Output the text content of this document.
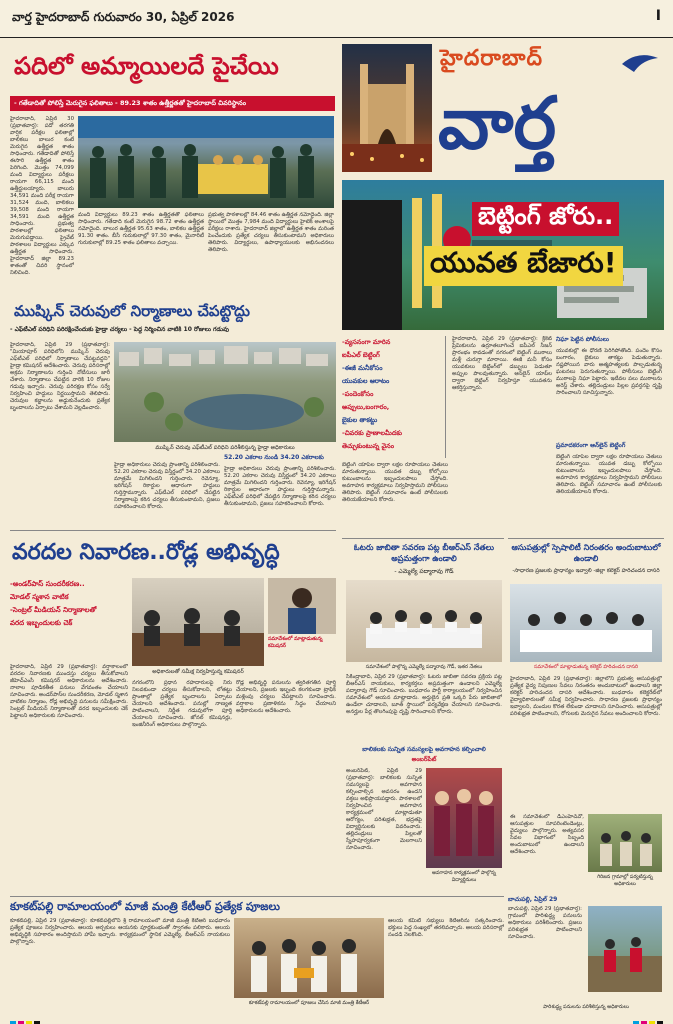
వార్త హైదరాబాద్ గురువారం 30, ఏప్రిల్ 2026	I
పదిలో అమ్మాయిలదే పైచేయి
- గతేడాదితో పోలిస్తే మెరుగైన ఫలితాలు - 89.23 శాతం ఉత్తీర్ణతతో హైదరాబాద్ చివరిస్థానం
హైదరాబాద్, ఏప్రిల్ 30 (ప్రభాతవార్త): పదో తరగతి వార్షిక పరీక్షల ఫలితాల్లో బాలికలు బాలుర కంటే మెరుగైన ఉత్తీర్ణత శాతం సాధించారు. గతేడాదితో పోలిస్తే ఈసారి ఉత్తీర్ణత శాతం పెరిగింది. మొత్తం 74,099 మంది విద్యార్థులు పరీక్షలు రాయగా 66,115 మంది ఉత్తీర్ణులయ్యారు. బాలురు 34,591 మంది పరీక్ష రాయగా 31,524 మంది, బాలికలు 39,508 మంది రాయగా 34,591 మంది ఉత్తీర్ణత సాధించారు. ప్రభుత్వ పాఠశాలల్లో ఫలితాలు మెరుగుపడ్డాయి. ప్రైవేట్ పాఠశాలల విద్యార్థులు ఎక్కువ ఉత్తీర్ణత సాధించారు. హైదరాబాద్ జిల్లా 89.23 శాతంతో చివరి స్థానంలో నిలిచింది.
మంది విద్యార్థులు 89.23 శాతం ఉత్తీర్ణతతో ఫలితాలు సాధించారు. గతేడాది కంటే మెరుగైన 98.72 శాతం ఉత్తీర్ణత నమోదైంది. బాలుర ఉత్తీర్ణత 95.63 శాతం, బాలికల ఉత్తీర్ణత 91.30 శాతం. బీసీ గురుకులాల్లో 97.30 శాతం, మైనారిటీ గురుకులాల్లో 89.25 శాతం ఫలితాలు వచ్చాయి.
ప్రభుత్వ పాఠశాలల్లో 84.46 శాతం ఉత్తీర్ణత నమోదైంది. జిల్లా స్థాయిలో మొత్తం 7,984 మంది విద్యార్థులు హైటెక్ అంశాలపై పరీక్షలు రాశారు. హైదరాబాద్ జిల్లాలో ఉత్తీర్ణత శాతం మరింత పెంచేందుకు ప్రత్యేక చర్యలు తీసుకుంటామని అధికారులు తెలిపారు. విద్యార్థులు, ఉపాధ్యాయులకు అభినందనలు తెలిపారు.
హైదరాబాద్
వార్త
ముష్కిన్ చెరువులో నిర్మాణాలు చేపట్టొద్దు
- ఎఫ్‌టీఎల్ పరిధిని పరిరక్షించేందుకు హైడ్రా చర్యలు - పెద్ద నిర్మించిన వాటికి 10 రోజులు గడువు
హైదరాబాద్, ఏప్రిల్ 29 (ప్రభాతవార్త): "మియాపూర్ పరిధిలోని ముష్కిన్ చెరువు ఎఫ్‌టీఎల్ పరిధిలో నిర్మాణాలు చేపట్టవద్దని" హైడ్రా కమిషనర్ ఆదేశించారు. చెరువు పరిసరాల్లో అక్రమ నిర్మాణాలను గుర్తించి నోటీసులు జారీ చేశారు. నిర్మాణాలు చేపట్టిన వారికి 10 రోజుల గడువు ఇచ్చారు. చెరువు పరిరక్షణ కోసం సర్వే నిర్వహించి హద్దులు నిర్ణయిస్తామని తెలిపారు. చెరువుల కబ్జాలను అడ్డుకునేందుకు ప్రత్యేక బృందాలను ఏర్పాటు చేశామని వెల్లడించారు.
ముష్కిన్ చెరువు ఎఫ్‌టీఎల్ పరిధిని పరిశీలిస్తున్న హైడ్రా అధికారులు
హైడ్రా అధికారులు చెరువు ప్రాంతాన్ని పరిశీలించారు. 52.20 ఎకరాల చెరువు విస్తీర్ణంలో 34.20 ఎకరాలు మాత్రమే మిగిలిందని గుర్తించారు. రెవెన్యూ, ఇరిగేషన్ రికార్డుల ఆధారంగా హద్దులు గుర్తిస్తామన్నారు. ఎఫ్‌టీఎల్ పరిధిలో చేపట్టిన నిర్మాణాలపై కఠిన చర్యలు తీసుకుంటామని, ప్రజలు సహకరించాలని కోరారు.
52.20 ఎకరాల నుండి 34.20 ఎకరాలకు
హైడ్రా అధికారులు చెరువు ప్రాంతాన్ని పరిశీలించారు. 52.20 ఎకరాల చెరువు విస్తీర్ణంలో 34.20 ఎకరాలు మాత్రమే మిగిలిందని గుర్తించారు. రెవెన్యూ, ఇరిగేషన్ రికార్డుల ఆధారంగా హద్దులు గుర్తిస్తామన్నారు. ఎఫ్‌టీఎల్ పరిధిలో చేపట్టిన నిర్మాణాలపై కఠిన చర్యలు తీసుకుంటామని, ప్రజలు సహకరించాలని కోరారు.
బెట్టింగ్ జోరు..
యువత బేజారు!
-వ్యసనంగా మారిన
ఐపీఎల్ బెట్టింగ్
-ఈజీ మనీకోసం
యువకుల ఆరాటం
-పందెంకోసం
అప్పులు,బంగారం,
బైకుల తాకట్టు
-చివరకు ప్రాణాలమీదకు
తెచ్చుకుంటున్న వైనం
హైదరాబాద్, ఏప్రిల్ 29 (ప్రభాతవార్త): క్రికెట్ ప్రేమికులను ఉర్రూతలూగించే ఐపీఎల్ సీజన్ ప్రారంభం కావడంతో నగరంలో బెట్టింగ్ ముఠాలు మళ్లీ చురుగ్గా మారాయి. ఈజీ మనీ కోసం యువకులు బెట్టింగ్‌లో డబ్బులు పెడుతూ అప్పుల పాలవుతున్నారు. ఆన్‌లైన్ యాప్‌ల ద్వారా బెట్టింగ్ నిర్వహిస్తూ యువతను ఆకర్షిస్తున్నారు.
నిఘా పెట్టిన పోలీసులు
యువకుల్లో ఈ ధోరణి పెరిగిపోతోంది. పందెం కోసం బంగారం, బైకులు తాకట్టు పెడుతున్నారు. నష్టపోయిన వారు ఆత్మహత్యలకు పాల్పడుతున్న ఘటనలు పెరుగుతున్నాయి. పోలీసులు బెట్టింగ్ ముఠాలపై నిఘా పెట్టారు. ఇటీవల పలు ముఠాలను అరెస్ట్ చేశారు. తల్లిదండ్రులు పిల్లల ప్రవర్తనపై దృష్టి సారించాలని సూచిస్తున్నారు.
ప్రమాదకరంగా ఆన్‌లైన్ బెట్టింగ్
బెట్టింగ్ యాప్‌ల ద్వారా లక్షల రూపాయలు చేతులు మారుతున్నాయి. యువత డబ్బు కోల్పోయి కుటుంబాలను ఇబ్బందులపాలు చేస్తోంది. అవగాహన కార్యక్రమాలు నిర్వహిస్తామని పోలీసులు తెలిపారు. బెట్టింగ్ సమాచారం ఉంటే పోలీసులకు తెలియజేయాలని కోరారు.
బెట్టింగ్ యాప్‌ల ద్వారా లక్షల రూపాయలు చేతులు మారుతున్నాయి. యువత డబ్బు కోల్పోయి కుటుంబాలను ఇబ్బందులపాలు చేస్తోంది. అవగాహన కార్యక్రమాలు నిర్వహిస్తామని పోలీసులు తెలిపారు. బెట్టింగ్ సమాచారం ఉంటే పోలీసులకు తెలియజేయాలని కోరారు.
వరదల నివారణ..రోడ్ల అభివృద్ధి
-అండర్‌పాస్ సుందరీకరణ..
మోడల్ స్మశాన వాటిక
-సెంట్రల్ మీడియన్ నిర్మాణాలతో
వరద ఇబ్బందులకు చెక్
సమావేశంలో మాట్లాడుతున్న కమిషనర్
అధికారులతో సమీక్ష నిర్వహిస్తున్న కమిషనర్
హైదరాబాద్, ఏప్రిల్ 29 (ప్రభాతవార్త): వర్షాకాలంలో వరదల నివారణకు ముందస్తు చర్యలు తీసుకోవాలని జీహెచ్ఎంసీ కమిషనర్ అధికారులను ఆదేశించారు. నాలాల పూడికతీత పనులు వేగవంతం చేయాలని సూచించారు. అండర్‌పాస్‌ల సుందరీకరణ, మోడల్ స్మశాన వాటికల నిర్మాణం, రోడ్ల అభివృద్ధి పనులను సమీక్షించారు. సెంట్రల్ మీడియన్ నిర్మాణాలతో వరద ఇబ్బందులకు చెక్ పెట్టాలని అధికారులకు సూచించారు.
నగరంలోని ప్రధాన రహదారులపై నీరు నిలవకుండా చర్యలు తీసుకోవాలని, లోతట్టు ప్రాంతాల్లో ప్రత్యేక బృందాలను ఏర్పాటు చేయాలని ఆదేశించారు. పనుల్లో నాణ్యత పాటించాలని, నిర్ణీత గడువులోగా పూర్తి చేయాలని సూచించారు. జోనల్ కమిషనర్లు, ఇంజినీరింగ్ అధికారులు పాల్గొన్నారు.
రోడ్ల అభివృద్ధి పనులను త్వరితగతిన పూర్తి చేయాలని, ప్రజలకు ఇబ్బంది కలగకుండా ట్రాఫిక్ మళ్లింపు చర్యలు చేపట్టాలని సూచించారు. వర్షాకాల ప్రణాళికను సిద్ధం చేయాలని అధికారులను ఆదేశించారు.
ఓటరు జాబితా సవరణ పట్ల బీఆర్ఎస్ నేతలు అప్రమత్తంగా ఉండాలి
- ఎమ్మెల్యే పద్మారావు గౌడ్
సమావేశంలో పాల్గొన్న ఎమ్మెల్యే పద్మారావు గౌడ్, ఇతర నేతలు
సికింద్రాబాద్, ఏప్రిల్ 29 (ప్రభాతవార్త): ఓటరు జాబితా సవరణ ప్రక్రియ పట్ల బీఆర్ఎస్ నాయకులు, కార్యకర్తలు అప్రమత్తంగా ఉండాలని ఎమ్మెల్యే పద్మారావు గౌడ్ సూచించారు. బుధవారం పార్టీ కార్యాలయంలో నిర్వహించిన సమావేశంలో ఆయన మాట్లాడారు. అర్హులైన ప్రతి ఒక్కరి పేరు జాబితాలో ఉండేలా చూడాలని, బూత్ స్థాయిలో పర్యవేక్షణ చేయాలని సూచించారు. అనర్హుల పేర్ల తొలగింపుపై దృష్టి సారించాలని కోరారు.
బాలికలకు సున్నిత సమస్యలపై అవగాహన కల్పించాలి
అంబర్‌పేట్
అంబర్‌పేట్, ఏప్రిల్ 29 (ప్రభాతవార్త): బాలికలకు సున్నిత సమస్యలపై అవగాహన కల్పించాల్సిన అవసరం ఉందని వక్తలు అభిప్రాయపడ్డారు. పాఠశాలలో నిర్వహించిన అవగాహన కార్యక్రమంలో మాట్లాడుతూ ఆరోగ్యం, పరిశుభ్రత, భద్రతపై విద్యార్థినులకు వివరించారు. తల్లిదండ్రులు పిల్లలతో స్నేహపూర్వకంగా మెలగాలని సూచించారు.
అవగాహన కార్యక్రమంలో పాల్గొన్న విద్యార్థినులు
ఆసుపత్రుల్లో స్పెషాలిటీ నిరంతరం అందుబాటులో ఉండాలి
-సాధారణ ప్రజలకు ప్రాధాన్యం ఇవ్వాలి -జిల్లా కలెక్టర్ హరిచందన దాసరి
సమావేశంలో మాట్లాడుతున్న కలెక్టర్ హరిచందన దాసరి
హైదరాబాద్, ఏప్రిల్ 29 (ప్రభాతవార్త): జిల్లాలోని ప్రభుత్వ ఆసుపత్రుల్లో ప్రత్యేక వైద్య నిపుణుల సేవలు నిరంతరం అందుబాటులో ఉండాలని జిల్లా కలెక్టర్ హరిచందన దాసరి ఆదేశించారు. బుధవారం కలెక్టరేట్‌లో వైద్యాధికారులతో సమీక్ష నిర్వహించారు. సాధారణ ప్రజలకు ప్రాధాన్యం ఇవ్వాలని, మందుల కొరత లేకుండా చూడాలని సూచించారు. ఆసుపత్రుల్లో పరిశుభ్రత పాటించాలని, రోగులకు మెరుగైన సేవలు అందించాలని కోరారు.
ఈ సమావేశంలో డీఎంహెచ్‌వో, ఆసుపత్రుల సూపరింటెండెంట్లు, వైద్యులు పాల్గొన్నారు. అత్యవసర సేవల విభాగంలో సిబ్బంది అందుబాటులో ఉండాలని ఆదేశించారు.
గిరిజన గ్రామాల్లో పర్యటిస్తున్న అధికారులు
బాచుపల్లి, ఏప్రిల్ 29
బాచుపల్లి, ఏప్రిల్ 29 (ప్రభాతవార్త): గ్రామంలో పారిశుద్ధ్య పనులను అధికారులు పరిశీలించారు. ప్రజలు పరిశుభ్రత పాటించాలని సూచించారు.
పారిశుద్ధ్య పనులను పరిశీలిస్తున్న అధికారులు
కూకట్‌పల్లి రామాలయంలో మాజీ మంత్రి కేటీఆర్ ప్రత్యేక పూజలు
కూకట్‌పల్లి, ఏప్రిల్ 29 (ప్రభాతవార్త): కూకట్‌పల్లిలోని శ్రీ రామాలయంలో మాజీ మంత్రి కేటీఆర్ బుధవారం ప్రత్యేక పూజలు నిర్వహించారు. ఆలయ అర్చకులు ఆయనకు పూర్ణకుంభంతో స్వాగతం పలికారు. ఆలయ అభివృద్ధికి సహకారం అందిస్తామని హామీ ఇచ్చారు. కార్యక్రమంలో స్థానిక ఎమ్మెల్యే, బీఆర్ఎస్ నాయకులు పాల్గొన్నారు.
కూకట్‌పల్లి రామాలయంలో పూజలు చేసిన మాజీ మంత్రి కేటీఆర్
ఆలయ కమిటీ సభ్యులు కేటీఆర్‌ను సత్కరించారు. భక్తులు పెద్ద సంఖ్యలో తరలివచ్చారు. ఆలయ పరిసరాల్లో సందడి నెలకొంది.
